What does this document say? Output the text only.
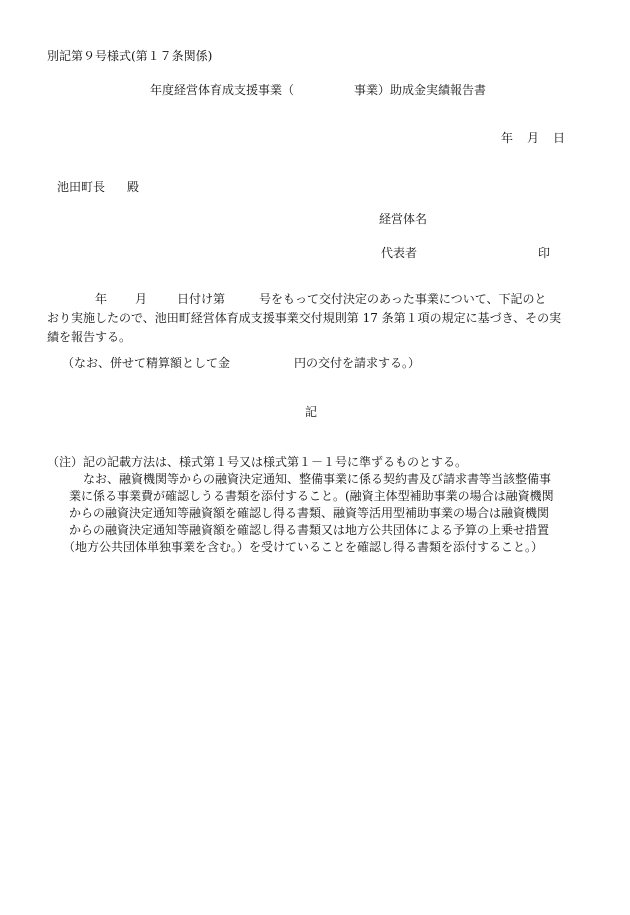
別記第９号様式(第１７条関係)
年度経営体育成支援事業（	事業）助成金実績報告書
年 月 日
池田町長 殿
経営体名
代表者	印
年 月	日付け第	号をもって交付決定のあった事業について、下記のと
おり実施したので、池田町経営体育成支援事業交付規則第 17 条第１項の規定に基づき、その実
績を報告する。
（なお、併せて精算額として金	円の交付を請求する。）
記
（注）記の記載方法は、様式第１号又は様式第１－１号に準ずるものとする。
なお、融資機関等からの融資決定通知、整備事業に係る契約書及び請求書等当該整備事
業に係る事業費が確認しうる書類を添付すること。(融資主体型補助事業の場合は融資機関
からの融資決定通知等融資額を確認し得る書類、融資等活用型補助事業の場合は融資機関
からの融資決定通知等融資額を確認し得る書類又は地方公共団体による予算の上乗せ措置
（地方公共団体単独事業を含む。）を受けていることを確認し得る書類を添付すること。）
